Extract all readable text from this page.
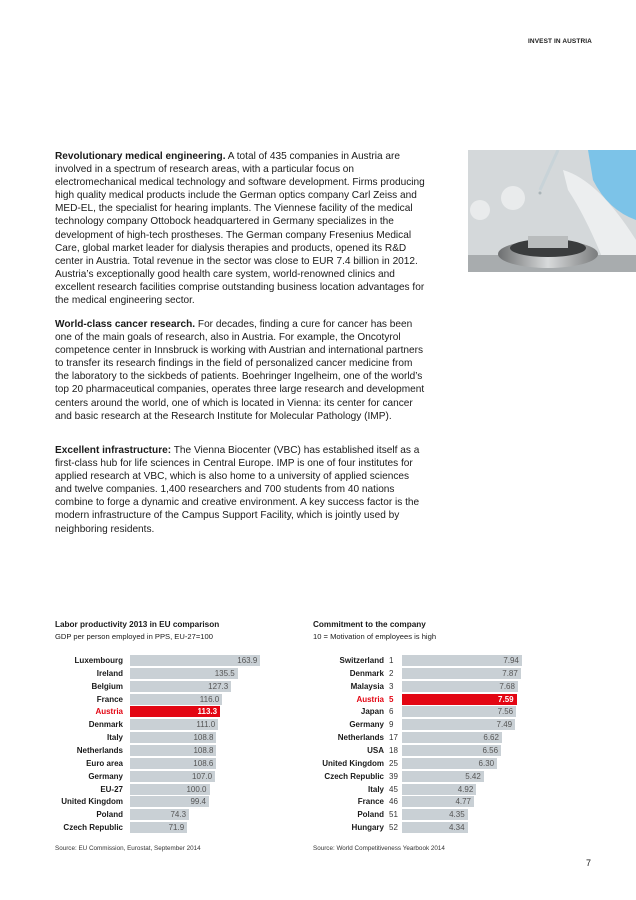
INVEST IN AUSTRIA
Revolutionary medical engineering. A total of 435 companies in Austria are involved in a spectrum of research areas, with a particular focus on electromechanical medical technology and software development. Firms producing high quality medical products include the German optics company Carl Zeiss and MED-EL, the specialist for hearing implants. The Viennese facility of the medical technology company Ottobock headquartered in Germany specializes in the development of high-tech prostheses. The German company Fresenius Medical Care, global market leader for dialysis therapies and products, opened its R&D center in Austria. Total revenue in the sector was close to EUR 7.4 billion in 2012. Austria’s exceptionally good health care system, world-renowned clinics and excellent research facilities comprise outstanding business location advantages for the medical engineering sector.
World-class cancer research. For decades, finding a cure for cancer has been one of the main goals of research, also in Austria. For example, the Oncotyrol competence center in Innsbruck is working with Austrian and international partners to transfer its research findings in the field of personalized cancer medicine from the laboratory to the sickbeds of patients. Boehringer Ingelheim, one of the world’s top 20 pharmaceutical companies, operates three large research and development centers around the world, one of which is located in Vienna: its center for cancer and basic research at the Research Institute for Molecular Pathology (IMP).
Excellent infrastructure: The Vienna Biocenter (VBC) has established itself as a first-class hub for life sciences in Central Europe. IMP is one of four institutes for applied research at VBC, which is also home to a university of applied sciences and twelve companies. 1,400 researchers and 700 students from 40 nations combine to forge a dynamic and creative environment. A key success factor is the modern infrastructure of the Campus Support Facility, which is jointly used by neighboring residents.
Labor productivity 2013 in EU comparison
GDP per person employed in PPS, EU-27=100
Source: EU Commission, Eurostat, September 2014
Commitment to the company
10 = Motivation of employees is high
Source: World Competitiveness Yearbook 2014
7
Luxembourg	163.9
Ireland	135.5
Belgium	127.3
France	116.0
Austria	113.3
Denmark	111.0
Italy	108.8
Netherlands	108.8
Euro area	108.6
Germany	107.0
EU-27	100.0
United Kingdom	99.4
Poland	74.3
Czech Republic	71.9
Switzerland 1	7.94
Denmark 2	7.87
Malaysia 3	7.68
Austria 5	7.59
Japan 6	7.56
Germany 9	7.49
Netherlands 17	6.62
USA 18	6.56
United Kingdom 25	6.30
Czech Republic 39	5.42
Italy 45	4.92
France 46	4.77
Poland 51	4.35
Hungary 52	4.34
